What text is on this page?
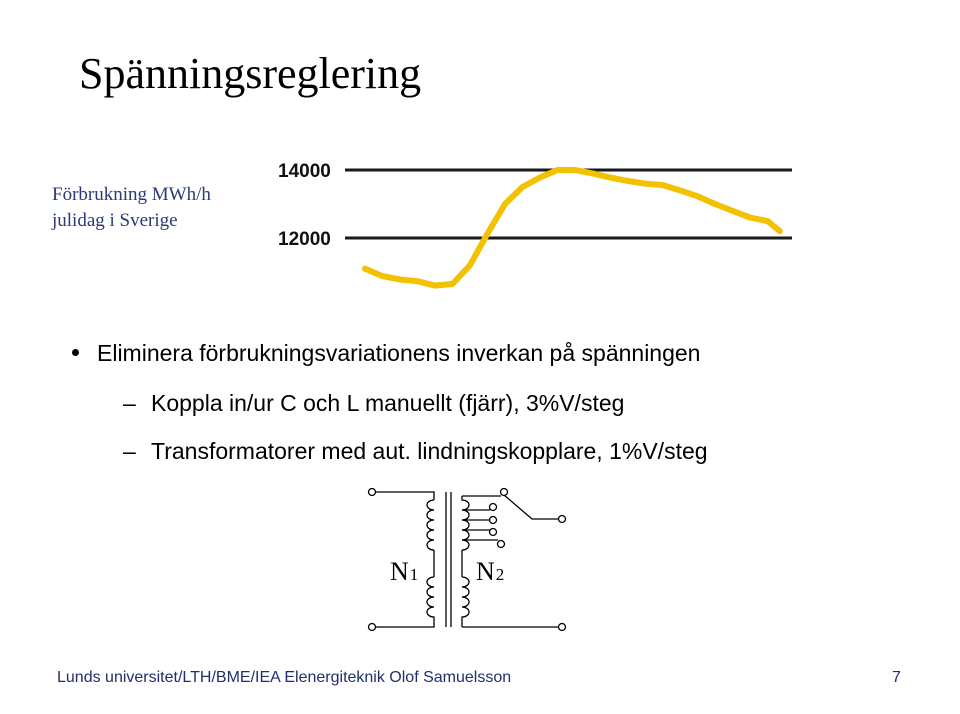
Spänningsreglering
Förbrukning MWh/h
julidag i Sverige
14000
12000
Eliminera förbrukningsvariationens inverkan på spänningen
– Koppla in/ur C och L manuellt (fjärr), 3%V/steg
– Transformatorer med aut. lindningskopplare, 1%V/steg
N1 N2
Lunds universitet/LTH/BME/IEA Elenergiteknik Olof Samuelsson	7
